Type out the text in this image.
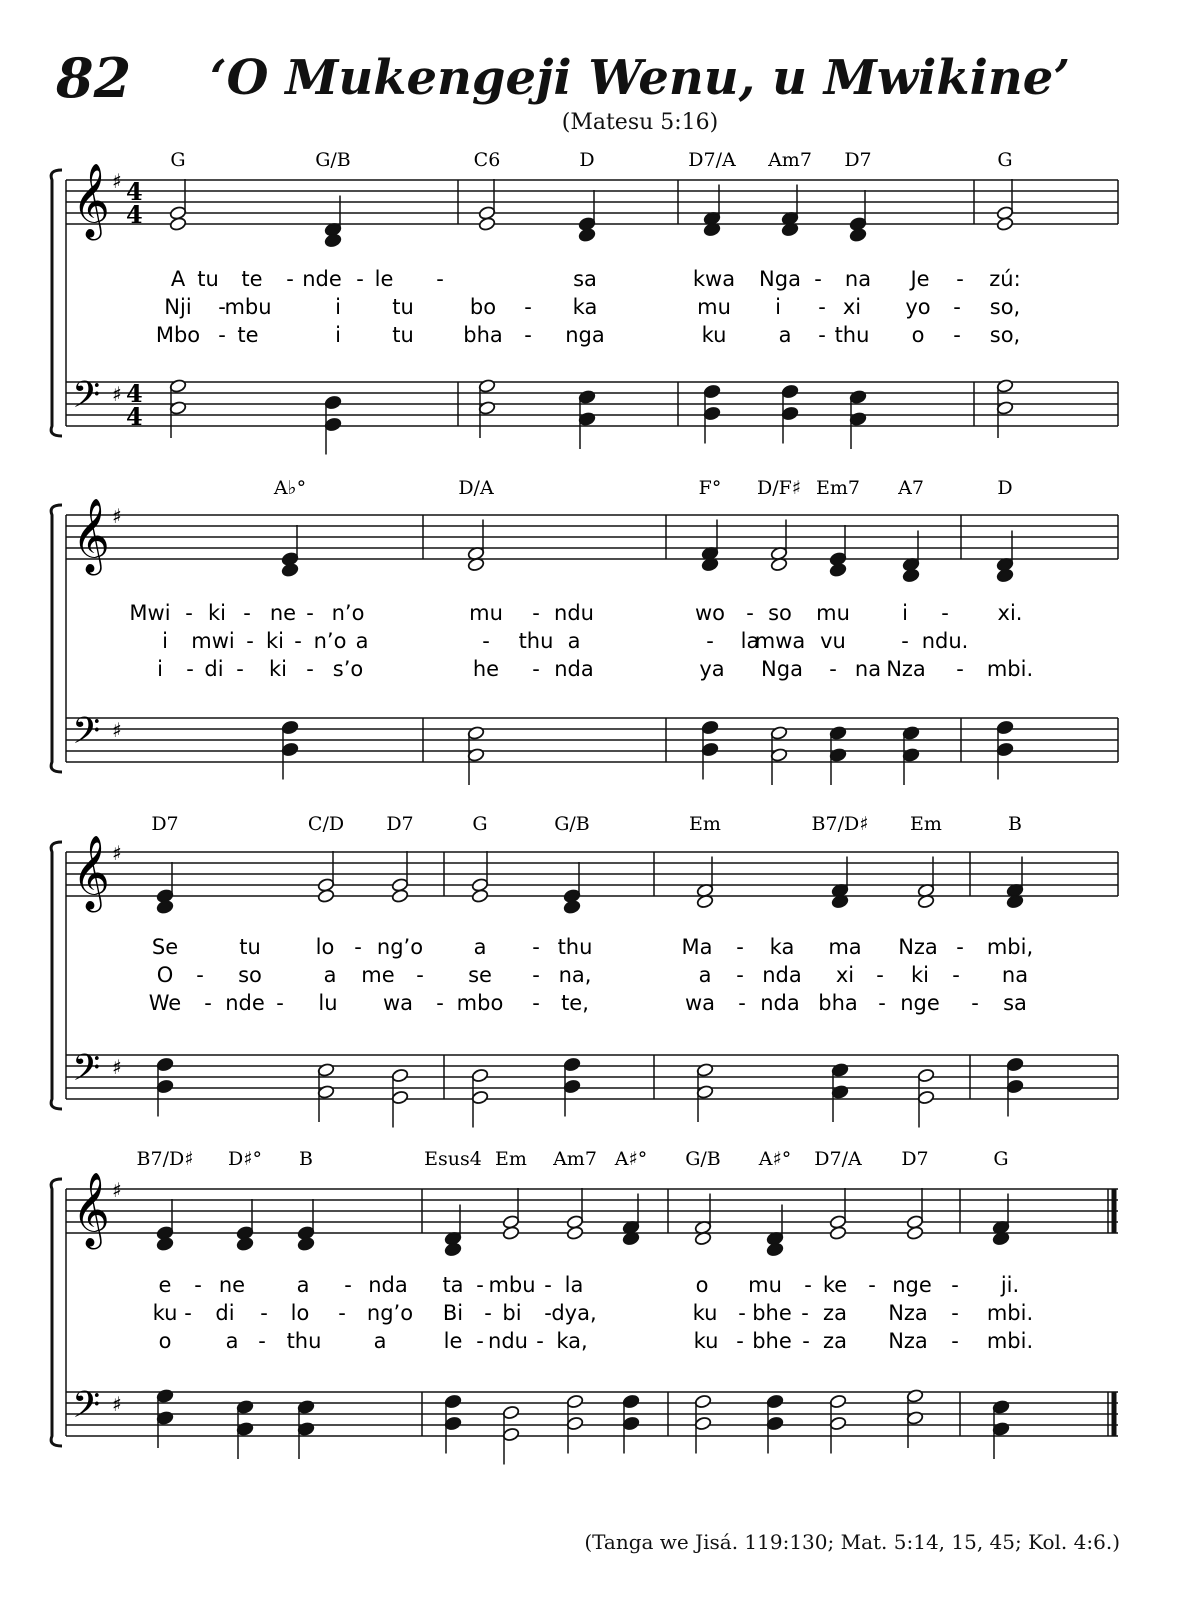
82 ‘O Mukengeji Wenu, u Mwikine’
(Matesu 5:16)
𝄞
𝄢
♯
♯
4
4
4
4
G	G/B	C6	D	D7/A Am7 D7	G
A tu te - nde - le -	sa	kwa Nga - na Je - zú:
Nji -
mbu	i tu	bo - ka	mu i - xi yo - so,
Mbo - te	i tu bha - nga	ku a - thu o - so,
𝄞
𝄢
♯
♯
A♭°	D/A	F° D/F♯ Em7 A7	D
Mwi - ki - ne - n’o	mu - ndu	wo - so mu i - xi.
i mwi - ki - n’o a	- thu a	- la
mwa vu	- ndu.
i - di - ki - s’o	he - nda	ya Nga - na Nza - mbi.
𝄞
𝄢
♯
♯
D7	C/D D7	G	G/B	Em	B7/D♯ Em	B
Se	tu	lo - ng’o a - thu	Ma - ka ma Nza - mbi,
O - so	a me - se - na,	a - nda xi - ki - na
We - nde - lu wa - mbo - te,	wa - nda bha - nge - sa
𝄞
𝄢
♯
♯
B7/D♯ D♯° B	Esus4 Em Am7 A♯° G/B A♯° D7/A D7	G
e - ne a - nda ta - mbu - la	o mu - ke - nge - ji.
ku - di - lo - ng’o Bi - bi - dya,	ku - bhe - za Nza - mbi.
o	a - thu a	le - ndu - ka,	ku - bhe - za Nza - mbi.
(Tanga we Jisá. 119:130; Mat. 5:14, 15, 45; Kol. 4:6.)
